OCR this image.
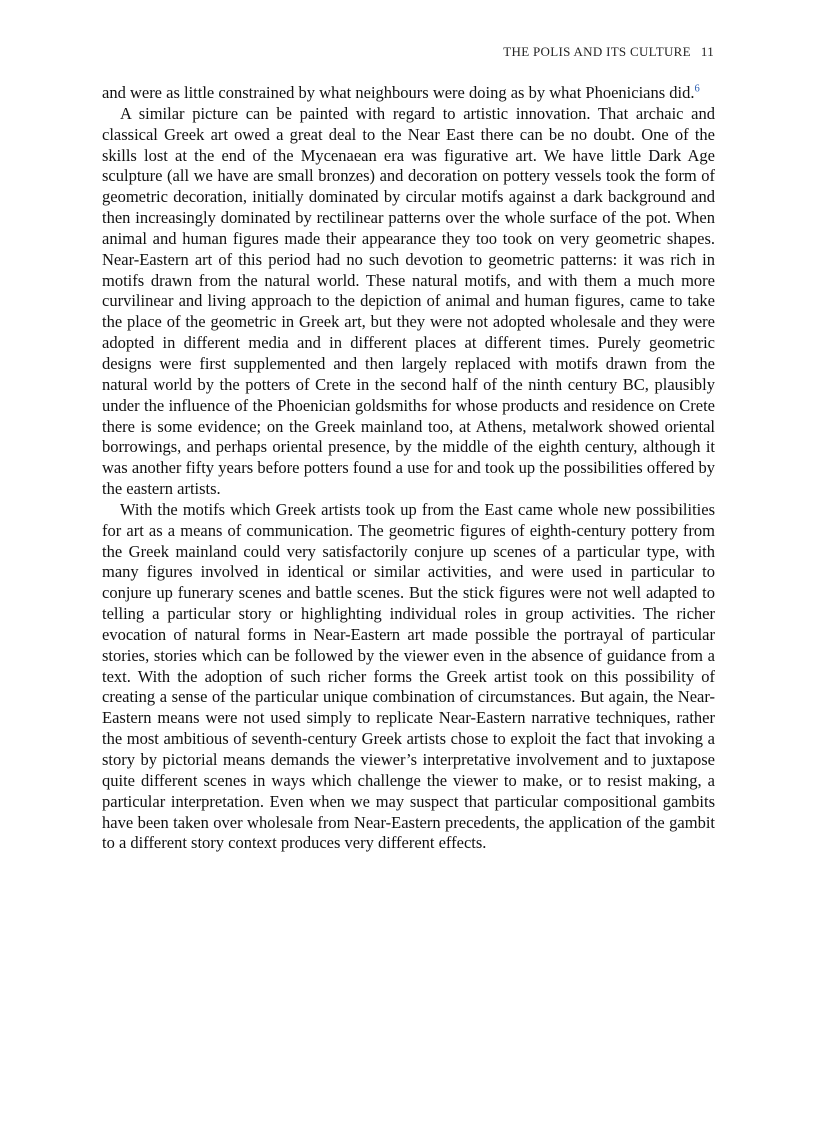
THE POLIS AND ITS CULTURE 11

and were as little constrained by what neighbours were doing as by what Phoenicians did.$^6$

A similar picture can be painted with regard to artistic innovation. That archaic and classical Greek art owed a great deal to the Near East there can be no doubt. One of the skills lost at the end of the Mycenaean era was figurative art. We have little Dark Age sculpture (all we have are small bronzes) and decoration on pottery vessels took the form of geometric decoration, initially dominated by circular motifs against a dark background and then increasingly dominated by rectilinear patterns over the whole surface of the pot. When animal and human figures made their appearance they too took on very geometric shapes. Near-Eastern art of this period had no such devotion to geometric patterns: it was rich in motifs drawn from the natural world. These natural motifs, and with them a much more curvilinear and living approach to the depiction of animal and human figures, came to take the place of the geometric in Greek art, but they were not adopted wholesale and they were adopted in different media and in different places at different times. Purely geometric designs were first supplemented and then largely replaced with motifs drawn from the natural world by the potters of Crete in the second half of the ninth century BC, plausibly under the influence of the Phoenician goldsmiths for whose products and residence on Crete there is some evidence; on the Greek mainland too, at Athens, metalwork showed oriental borrowings, and perhaps oriental presence, by the middle of the eighth century, although it was another fifty years before potters found a use for and took up the possibilities offered by the eastern artists.

With the motifs which Greek artists took up from the East came whole new possibilities for art as a means of communication. The geometric figures of eighth-century pottery from the Greek mainland could very satisfactorily conjure up scenes of a particular type, with many figures involved in identical or similar activities, and were used in particular to conjure up funerary scenes and battle scenes. But the stick figures were not well adapted to telling a particular story or highlighting individual roles in group activities. The richer evocation of natural forms in Near-Eastern art made possible the portrayal of particular stories, stories which can be followed by the viewer even in the absence of guidance from a text. With the adoption of such richer forms the Greek artist took on this possibility of creating a sense of the particular unique combination of circumstances. But again, the Near-Eastern means were not used simply to replicate Near-Eastern narrative techniques, rather the most ambitious of seventh-century Greek artists chose to exploit the fact that invoking a story by pictorial means demands the viewer’s interpretative involvement and to juxtapose quite different scenes in ways which challenge the viewer to make, or to resist making, a particular interpretation. Even when we may suspect that particular compositional gambits have been taken over wholesale from Near-Eastern precedents, the application of the gambit to a different story context produces very different effects.
